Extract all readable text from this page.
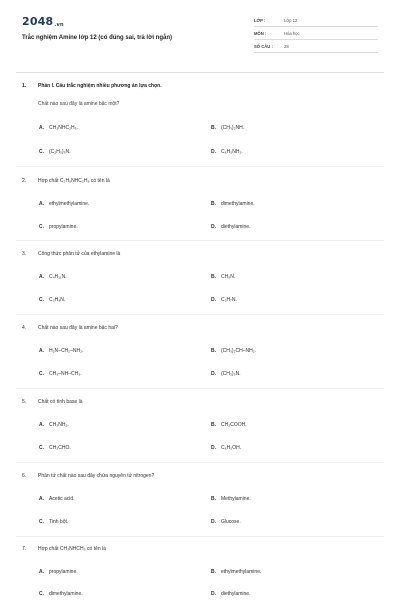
2048.vn
Trắc nghiệm Amine lớp 12 (có đúng sai, trả lời ngắn)
LỚP :	Lớp 12
MÔN :	Hóa học
SỐ CÂU :	28
1. Phần I. Câu trắc nghiệm nhiều phương án lựa chọn.
Chất nào sau đây là amine bậc một?
A. CH₃NHC₂H₅.	B. (CH₃)₂NH.
C. (C₂H₅)₃N.	D. C₆H₅NH₂.
2. Hợp chất C₂H₅NHC₂H₅ có tên là
A. ethylmethylamine.	B. dimethylamine.
C. propylamine.	D. diethylamine.
3. Công thức phân tử của ethylamine là
A. C₄H₁₁N.	B. CH₅N.
C. C₃H₉N.	D. C₂H₇N.
4. Chất nào sau đây là amine bậc hai?
A. H₂N–CH₂–NH₂.	B. (CH₃)₂CH–NH₂.
C. CH₃–NH–CH₃.	D. (CH₃)₃N.
5. Chất có tính base là
A. CH₃NH₂.	B. CH₃COOH.
C. CH₃CHO.	D. C₆H₅OH.
6. Phân tử chất nào sau đây chứa nguyên tử nitrogen?
A. Acetic acid.	B. Methylamine.
C. Tinh bột.	D. Glucose.
7. Hợp chất CH₃NHCH₃ có tên là
A. propylamine.	B. ethylmethylamine.
C. dimethylamine.	D. diethylamine.
